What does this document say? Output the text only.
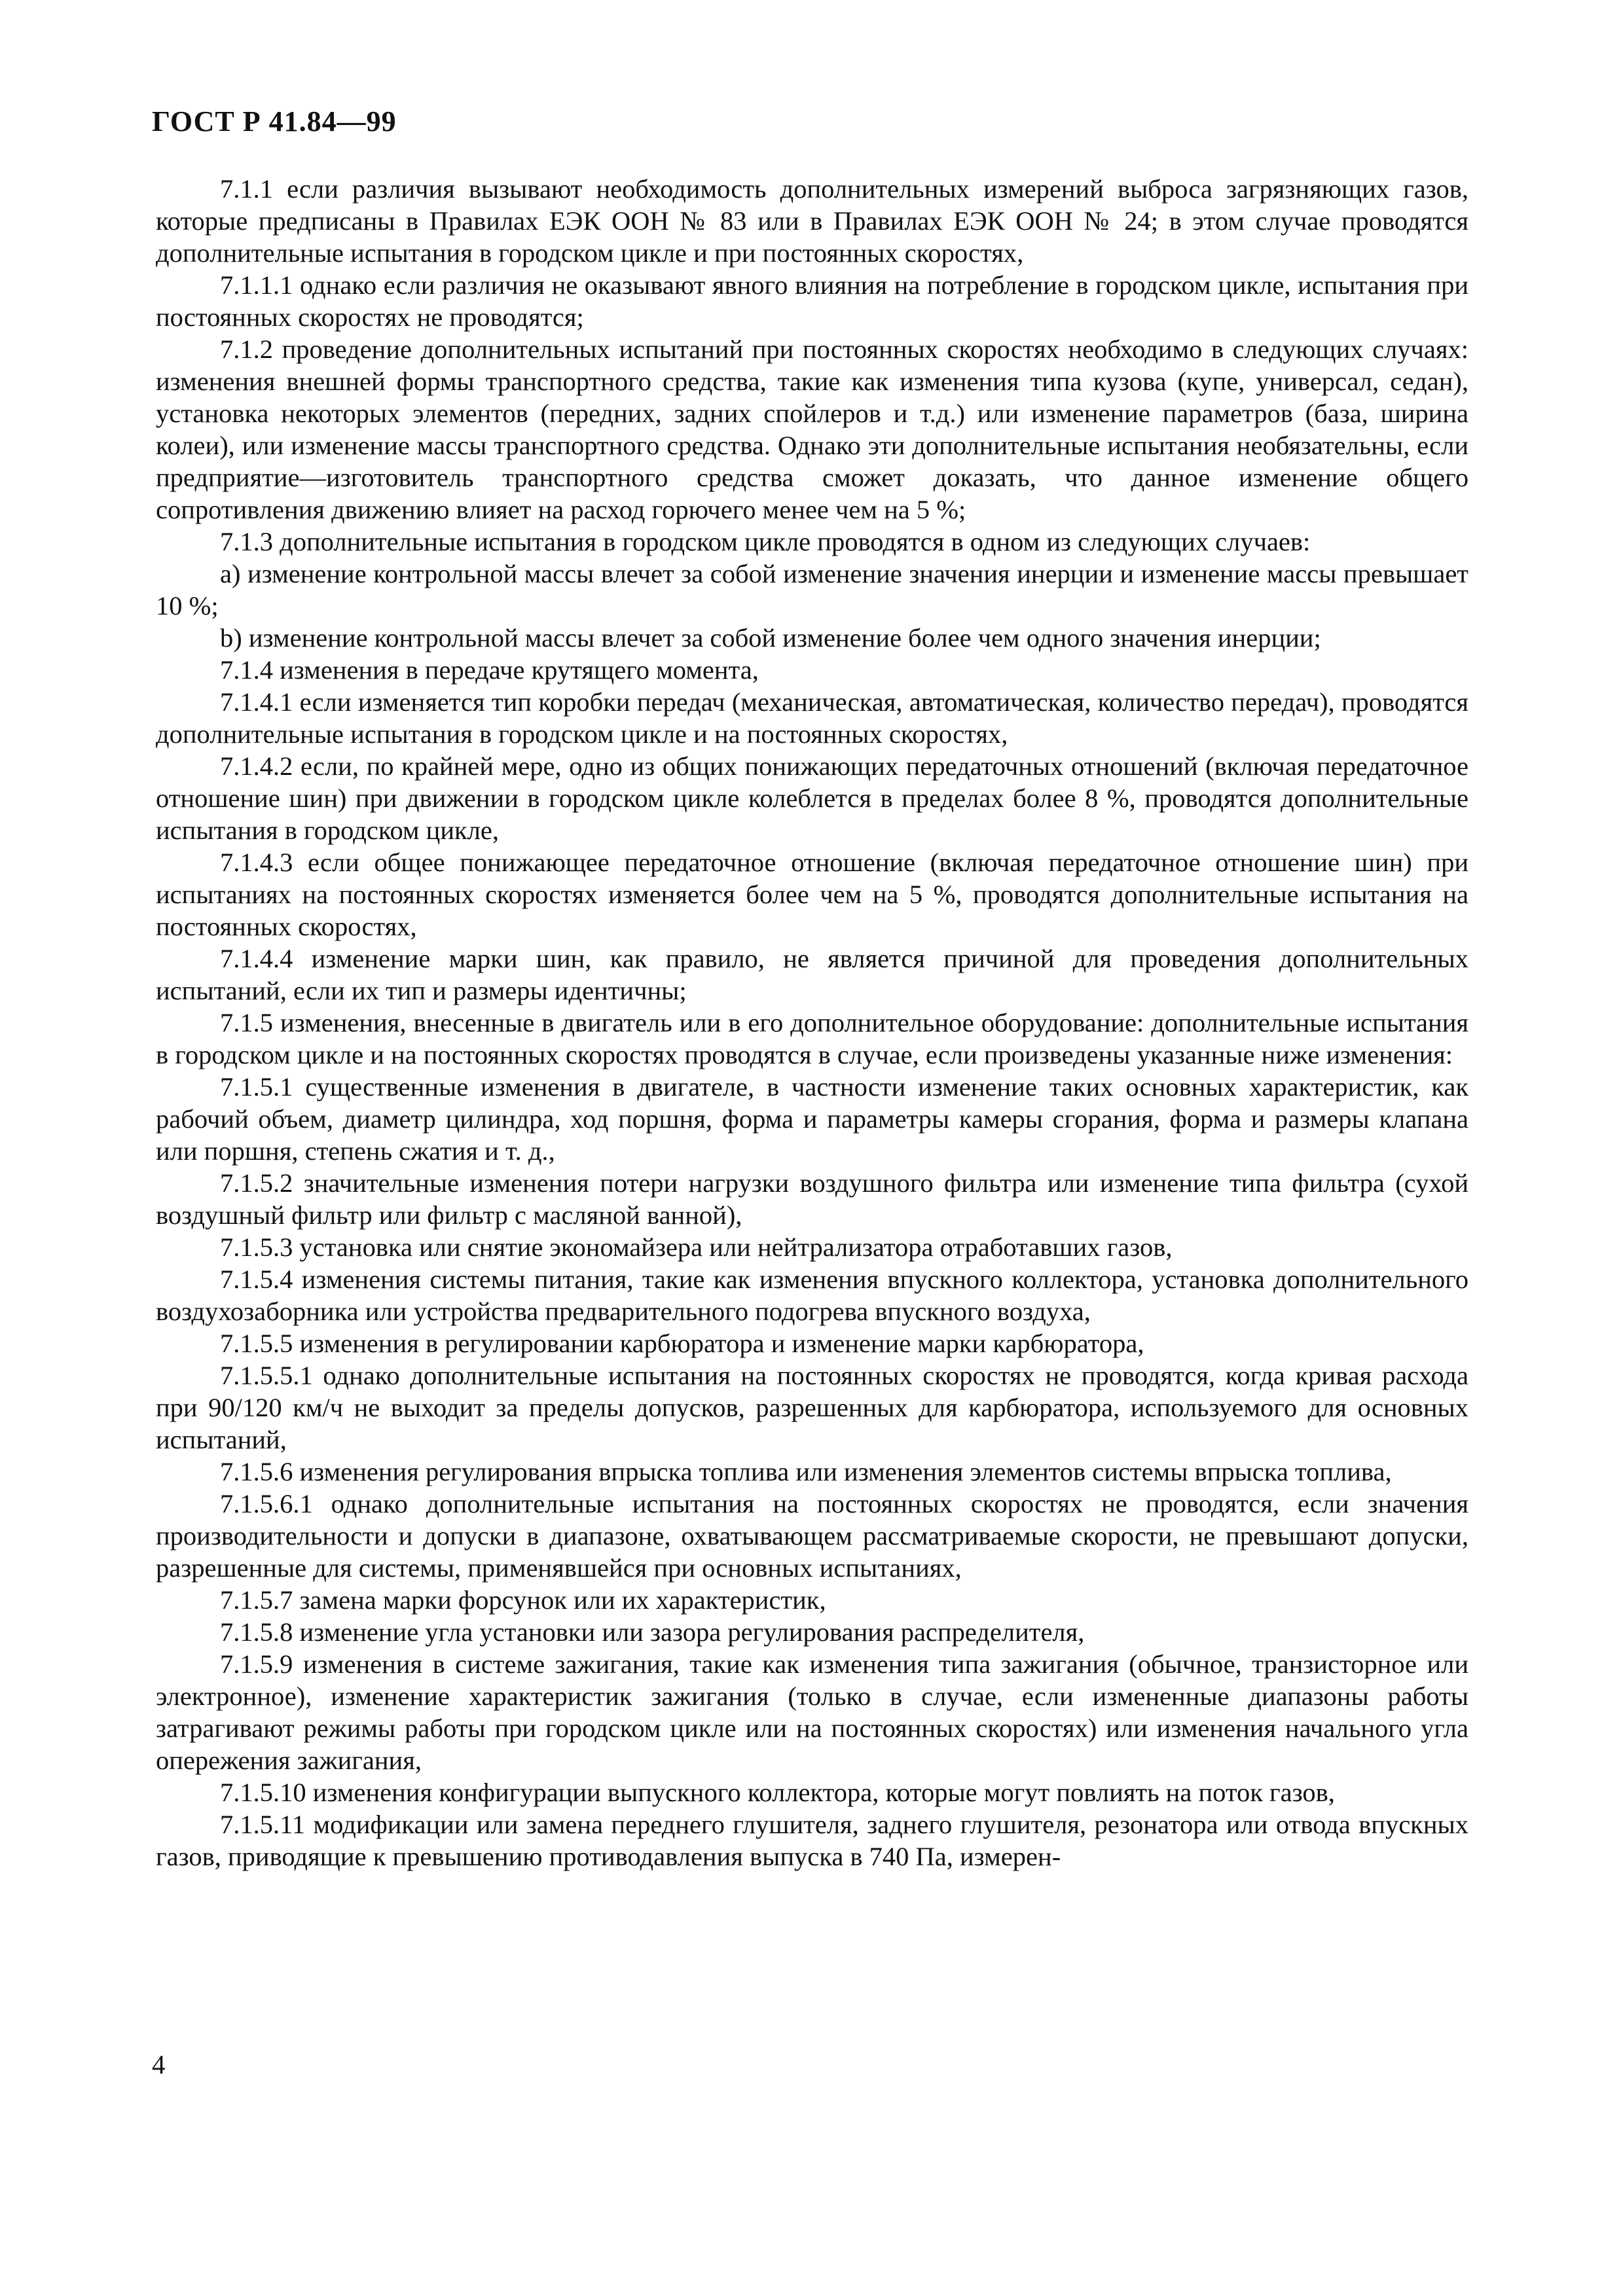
ГОСТ Р 41.84—99

7.1.1 если различия вызывают необходимость дополнительных измерений выброса загрязняющих газов, которые предписаны в Правилах ЕЭК ООН № 83 или в Правилах ЕЭК ООН № 24; в этом случае проводятся дополнительные испытания в городском цикле и при постоянных скоростях,

7.1.1.1 однако если различия не оказывают явного влияния на потребление в городском цикле, испытания при постоянных скоростях не проводятся;

7.1.2 проведение дополнительных испытаний при постоянных скоростях необходимо в следующих случаях: изменения внешней формы транспортного средства, такие как изменения типа кузова (купе, универсал, седан), установка некоторых элементов (передних, задних спойлеров и т.д.) или изменение параметров (база, ширина колеи), или изменение массы транспортного средства. Однако эти дополнительные испытания необязательны, если предприятие—изготовитель транспортного средства сможет доказать, что данное изменение общего сопротивления движению влияет на расход горючего менее чем на 5 %;

7.1.3 дополнительные испытания в городском цикле проводятся в одном из следующих случаев:

a) изменение контрольной массы влечет за собой изменение значения инерции и изменение массы превышает 10 %;

b) изменение контрольной массы влечет за собой изменение более чем одного значения инерции;

7.1.4 изменения в передаче крутящего момента,

7.1.4.1 если изменяется тип коробки передач (механическая, автоматическая, количество передач), проводятся дополнительные испытания в городском цикле и на постоянных скоростях,

7.1.4.2 если, по крайней мере, одно из общих понижающих передаточных отношений (включая передаточное отношение шин) при движении в городском цикле колеблется в пределах более 8 %, проводятся дополнительные испытания в городском цикле,

7.1.4.3 если общее понижающее передаточное отношение (включая передаточное отношение шин) при испытаниях на постоянных скоростях изменяется более чем на 5 %, проводятся дополнительные испытания на постоянных скоростях,

7.1.4.4 изменение марки шин, как правило, не является причиной для проведения дополнительных испытаний, если их тип и размеры идентичны;

7.1.5 изменения, внесенные в двигатель или в его дополнительное оборудование: дополнительные испытания в городском цикле и на постоянных скоростях проводятся в случае, если произведены указанные ниже изменения:

7.1.5.1 существенные изменения в двигателе, в частности изменение таких основных характеристик, как рабочий объем, диаметр цилиндра, ход поршня, форма и параметры камеры сгорания, форма и размеры клапана или поршня, степень сжатия и т. д.,

7.1.5.2 значительные изменения потери нагрузки воздушного фильтра или изменение типа фильтра (сухой воздушный фильтр или фильтр с масляной ванной),

7.1.5.3 установка или снятие экономайзера или нейтрализатора отработавших газов,

7.1.5.4 изменения системы питания, такие как изменения впускного коллектора, установка дополнительного воздухозаборника или устройства предварительного подогрева впускного воздуха,

7.1.5.5 изменения в регулировании карбюратора и изменение марки карбюратора,

7.1.5.5.1 однако дополнительные испытания на постоянных скоростях не проводятся, когда кривая расхода при 90/120 км/ч не выходит за пределы допусков, разрешенных для карбюратора, используемого для основных испытаний,

7.1.5.6 изменения регулирования впрыска топлива или изменения элементов системы впрыска топлива,

7.1.5.6.1 однако дополнительные испытания на постоянных скоростях не проводятся, если значения производительности и допуски в диапазоне, охватывающем рассматриваемые скорости, не превышают допуски, разрешенные для системы, применявшейся при основных испытаниях,

7.1.5.7 замена марки форсунок или их характеристик,

7.1.5.8 изменение угла установки или зазора регулирования распределителя,

7.1.5.9 изменения в системе зажигания, такие как изменения типа зажигания (обычное, транзисторное или электронное), изменение характеристик зажигания (только в случае, если измененные диапазоны работы затрагивают режимы работы при городском цикле или на постоянных скоростях) или изменения начального угла опережения зажигания,

7.1.5.10 изменения конфигурации выпускного коллектора, которые могут повлиять на поток газов,

7.1.5.11 модификации или замена переднего глушителя, заднего глушителя, резонатора или отвода впускных газов, приводящие к превышению противодавления выпуска в 740 Па, измерен-

4
